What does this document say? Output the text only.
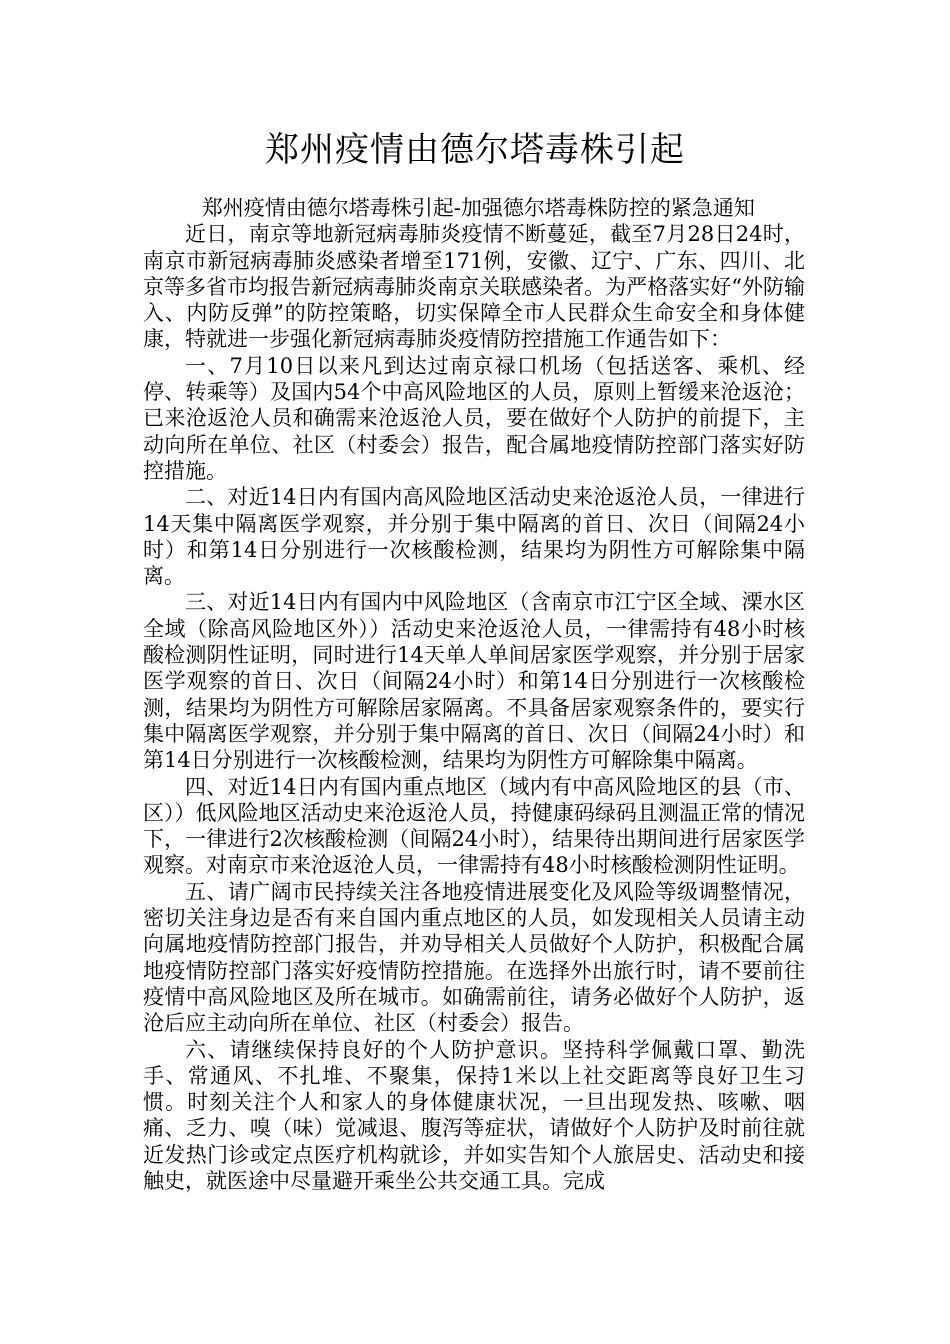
郑州疫情由德尔塔毒株引起

郑州疫情由德尔塔毒株引起-加强德尔塔毒株防控的紧急通知

近日，南京等地新冠病毒肺炎疫情不断蔓延，截至7月28日24时，南京市新冠病毒肺炎感染者增至171例，安徽、辽宁、广东、四川、北京等多省市均报告新冠病毒肺炎南京关联感染者。为严格落实好“外防输入、内防反弹”的防控策略，切实保障全市人民群众生命安全和身体健康，特就进一步强化新冠病毒肺炎疫情防控措施工作通告如下：

一、7月10日以来凡到达过南京禄口机场（包括送客、乘机、经停、转乘等）及国内54个中高风险地区的人员，原则上暂缓来沧返沧；已来沧返沧人员和确需来沧返沧人员，要在做好个人防护的前提下，主动向所在单位、社区（村委会）报告，配合属地疫情防控部门落实好防控措施。

二、对近14日内有国内高风险地区活动史来沧返沧人员，一律进行14天集中隔离医学观察，并分别于集中隔离的首日、次日（间隔24小时）和第14日分别进行一次核酸检测，结果均为阴性方可解除集中隔离。

三、对近14日内有国内中风险地区（含南京市江宁区全域、溧水区全域（除高风险地区外））活动史来沧返沧人员，一律需持有48小时核酸检测阴性证明，同时进行14天单人单间居家医学观察，并分别于居家医学观察的首日、次日（间隔24小时）和第14日分别进行一次核酸检测，结果均为阴性方可解除居家隔离。不具备居家观察条件的，要实行集中隔离医学观察，并分别于集中隔离的首日、次日（间隔24小时）和第14日分别进行一次核酸检测，结果均为阴性方可解除集中隔离。

四、对近14日内有国内重点地区（域内有中高风险地区的县（市、区））低风险地区活动史来沧返沧人员，持健康码绿码且测温正常的情况下，一律进行2次核酸检测（间隔24小时），结果待出期间进行居家医学观察。对南京市来沧返沧人员，一律需持有48小时核酸检测阴性证明。

五、请广阔市民持续关注各地疫情进展变化及风险等级调整情况，密切关注身边是否有来自国内重点地区的人员，如发现相关人员请主动向属地疫情防控部门报告，并劝导相关人员做好个人防护，积极配合属地疫情防控部门落实好疫情防控措施。在选择外出旅行时，请不要前往疫情中高风险地区及所在城市。如确需前往，请务必做好个人防护，返沧后应主动向所在单位、社区（村委会）报告。

六、请继续保持良好的个人防护意识。坚持科学佩戴口罩、勤洗手、常通风、不扎堆、不聚集，保持1米以上社交距离等良好卫生习惯。时刻关注个人和家人的身体健康状况，一旦出现发热、咳嗽、咽痛、乏力、嗅（味）觉减退、腹泻等症状，请做好个人防护及时前往就近发热门诊或定点医疗机构就诊，并如实告知个人旅居史、活动史和接触史，就医途中尽量避开乘坐公共交通工具。完成
